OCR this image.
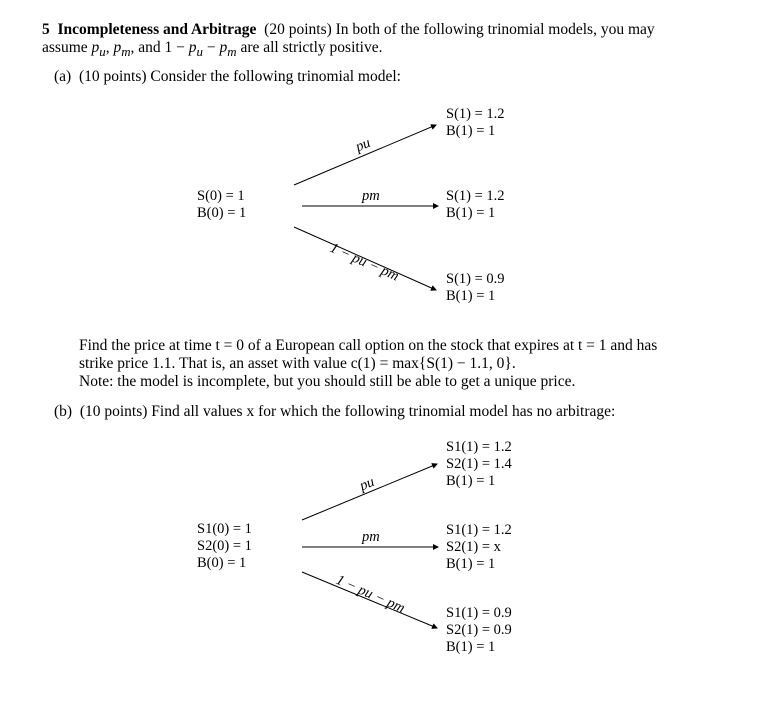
5 Incompleteness and Arbitrage (20 points) In both of the following trinomial models, you may
assume $p_u$, $p_m$, and $1 - p_u - p_m$ are all strictly positive.
(a) (10 points) Consider the following trinomial model:
S(0) = 1
B(0) = 1
S(1) = 1.2
B(1) = 1
S(1) = 1.2
B(1) = 1
S(1) = 0.9
B(1) = 1
pu
pm
1 − pu − pm
Find the price at time t = 0 of a European call option on the stock that expires at t = 1 and has
strike price 1.1. That is, an asset with value c(1) = max{S(1) − 1.1, 0}.
Note: the model is incomplete, but you should still be able to get a unique price.
(b) (10 points) Find all values x for which the following trinomial model has no arbitrage:
S1(0) = 1
S2(0) = 1
B(0) = 1
S1(1) = 1.2
S2(1) = 1.4
B(1) = 1
S1(1) = 1.2
S2(1) = x
B(1) = 1
S1(1) = 0.9
S2(1) = 0.9
B(1) = 1
pu
pm
1 − pu − pm
